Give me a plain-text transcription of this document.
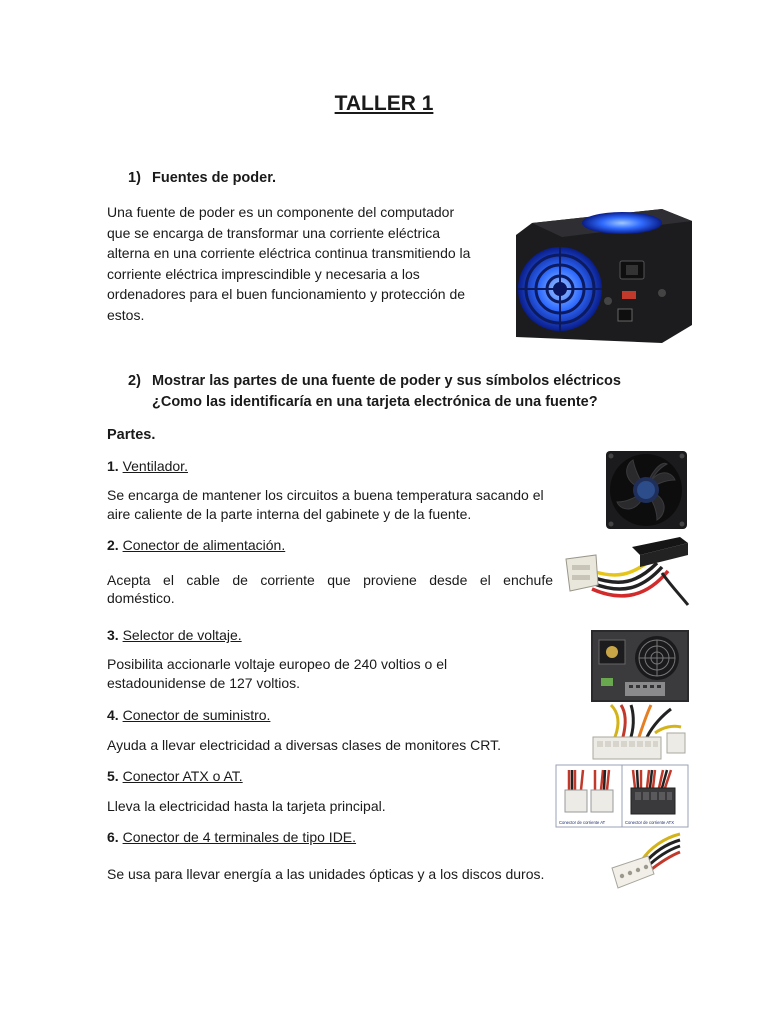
TALLER 1
1) Fuentes de poder.
Una fuente de poder es un componente del computador
que se encarga de transformar una corriente eléctrica
alterna en una corriente eléctrica continua transmitiendo la
corriente eléctrica imprescindible y necesaria a los
ordenadores para el buen funcionamiento y protección de
estos.
2) Mostrar las partes de una fuente de poder y sus símbolos eléctricos
¿Como las identificaría en una tarjeta electrónica de una fuente?
Partes.
1. Ventilador.
Se encarga de mantener los circuitos a buena temperatura sacando el
aire caliente de la parte interna del gabinete y de la fuente.
2. Conector de alimentación.
Acepta el cable de corriente que proviene desde el enchufe
doméstico.
3. Selector de voltaje.
Posibilita accionarle voltaje europeo de 240 voltios o el
estadounidense de 127 voltios.
4. Conector de suministro.
Ayuda a llevar electricidad a diversas clases de monitores CRT.
5. Conector ATX o AT.
Lleva la electricidad hasta la tarjeta principal.
6. Conector de 4 terminales de tipo IDE.
Se usa para llevar energía a las unidades ópticas y a los discos duros.
Conector de corriente AT	Conector de corriente ATX
